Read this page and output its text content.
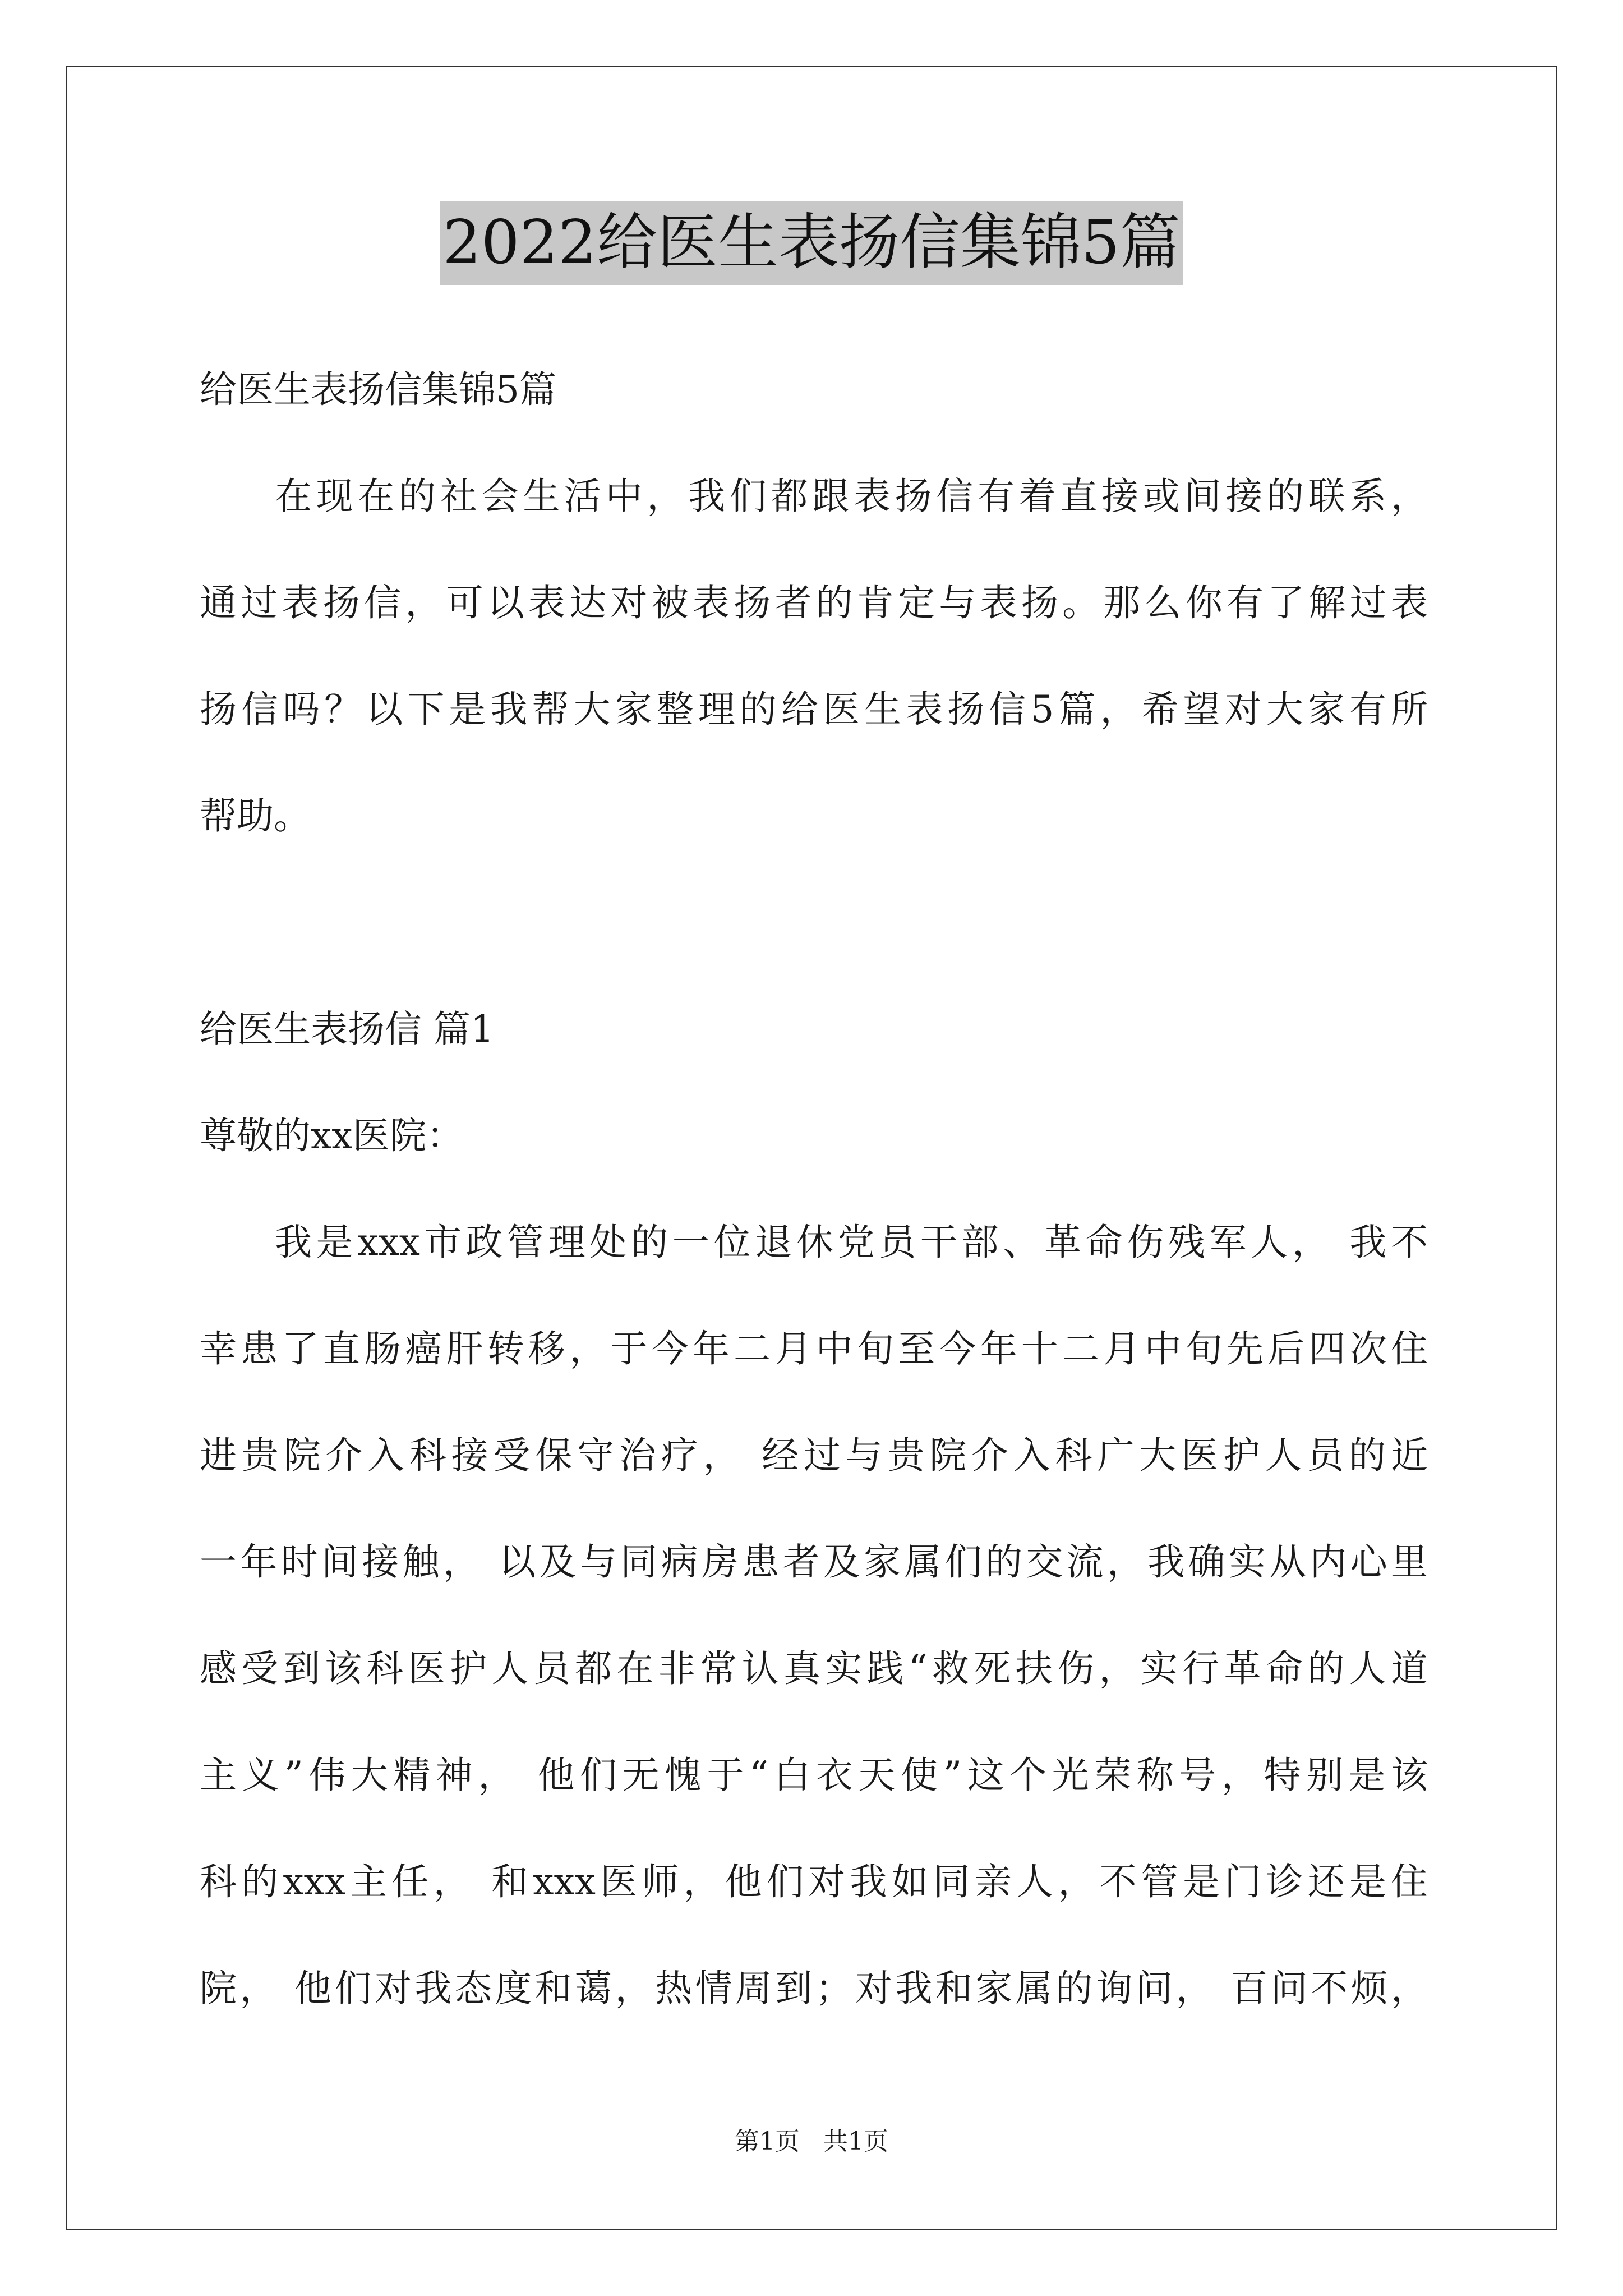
2022给医生表扬信集锦5篇
给医生表扬信集锦5篇
在现在的社会生活中，我们都跟表扬信有着直接或间接的联系，
通过表扬信，可以表达对被表扬者的肯定与表扬。那么你有了解过表
扬信吗？以下是我帮大家整理的给医生表扬信5篇，希望对大家有所
帮助。
给医生表扬信 篇1
尊敬的xx医院：
我是xxx市政管理处的一位退休党员干部、革命伤残军人， 我不
幸患了直肠癌肝转移，于今年二月中旬至今年十二月中旬先后四次住
进贵院介入科接受保守治疗， 经过与贵院介入科广大医护人员的近
一年时间接触， 以及与同病房患者及家属们的交流，我确实从内心里
感受到该科医护人员都在非常认真实践“救死扶伤，实行革命的人道
主义”伟大精神， 他们无愧于“白衣天使”这个光荣称号，特别是该
科的xxx主任， 和xxx医师，他们对我如同亲人，不管是门诊还是住
院， 他们对我态度和蔼，热情周到；对我和家属的询问， 百问不烦，
第1页   共1页
